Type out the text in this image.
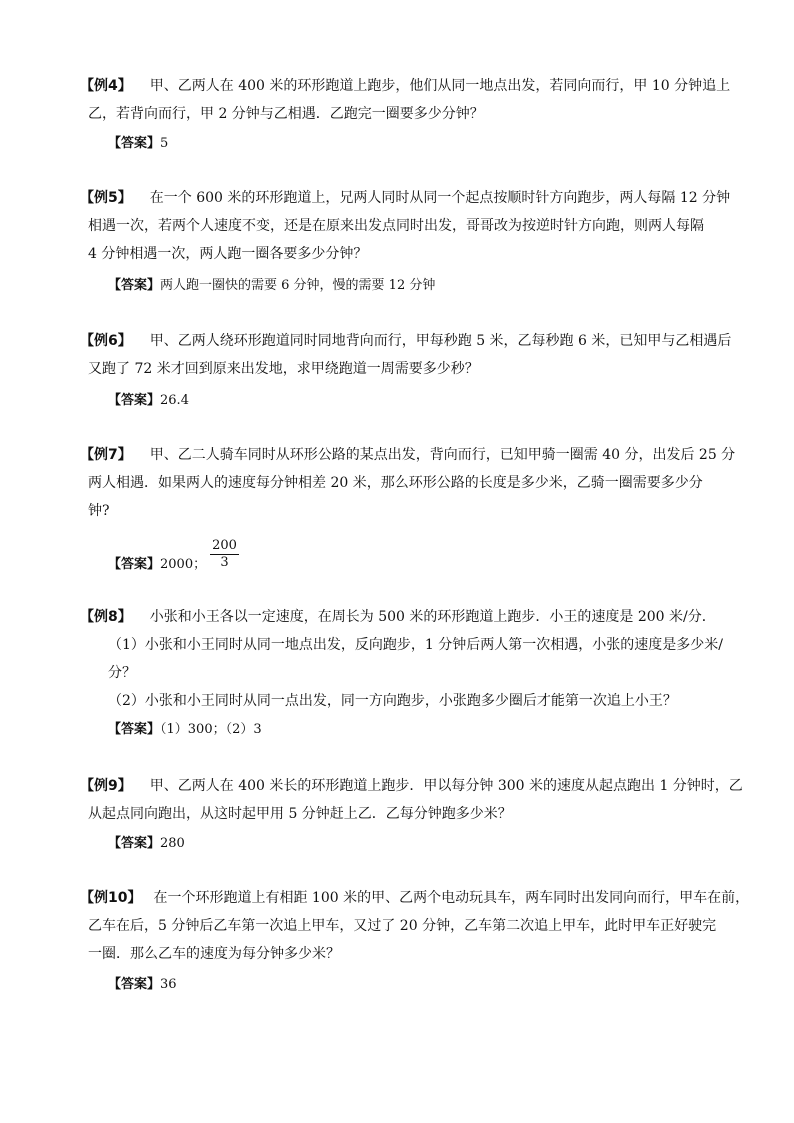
【例4】 甲、乙两人在 400 米的环形跑道上跑步，他们从同一地点出发，若同向而行，甲 10 分钟追上
乙，若背向而行，甲 2 分钟与乙相遇．乙跑完一圈要多少分钟？
【答案】5
【例5】 在一个 600 米的环形跑道上，兄两人同时从同一个起点按顺时针方向跑步，两人每隔 12 分钟
相遇一次，若两个人速度不变，还是在原来出发点同时出发，哥哥改为按逆时针方向跑，则两人每隔
4 分钟相遇一次，两人跑一圈各要多少分钟？
【答案】两人跑一圈快的需要 6 分钟，慢的需要 12 分钟
【例6】 甲、乙两人绕环形跑道同时同地背向而行，甲每秒跑 5 米，乙每秒跑 6 米，已知甲与乙相遇后
又跑了 72 米才回到原来出发地，求甲绕跑道一周需要多少秒？
【答案】26.4
【例7】 甲、乙二人骑车同时从环形公路的某点出发，背向而行，已知甲骑一圈需 40 分，出发后 25 分
两人相遇．如果两人的速度每分钟相差 20 米，那么环形公路的长度是多少米，乙骑一圈需要多少分
钟?
【答案】2000； $\frac{200}{3}$
【例8】 小张和小王各以一定速度，在周长为 500 米的环形跑道上跑步．小王的速度是 200 米/分．
（1）小张和小王同时从同一地点出发，反向跑步，1 分钟后两人第一次相遇，小张的速度是多少米/
分？
（2）小张和小王同时从同一点出发，同一方向跑步，小张跑多少圈后才能第一次追上小王？
【答案】（1）300；（2）3
【例9】 甲、乙两人在 400 米长的环形跑道上跑步．甲以每分钟 300 米的速度从起点跑出 1 分钟时，乙
从起点同向跑出，从这时起甲用 5 分钟赶上乙．乙每分钟跑多少米？
【答案】280
【例10】 在一个环形跑道上有相距 100 米的甲、乙两个电动玩具车，两车同时出发同向而行，甲车在前，
乙车在后，5 分钟后乙车第一次追上甲车，又过了 20 分钟，乙车第二次追上甲车，此时甲车正好驶完
一圈．那么乙车的速度为每分钟多少米？
【答案】36
